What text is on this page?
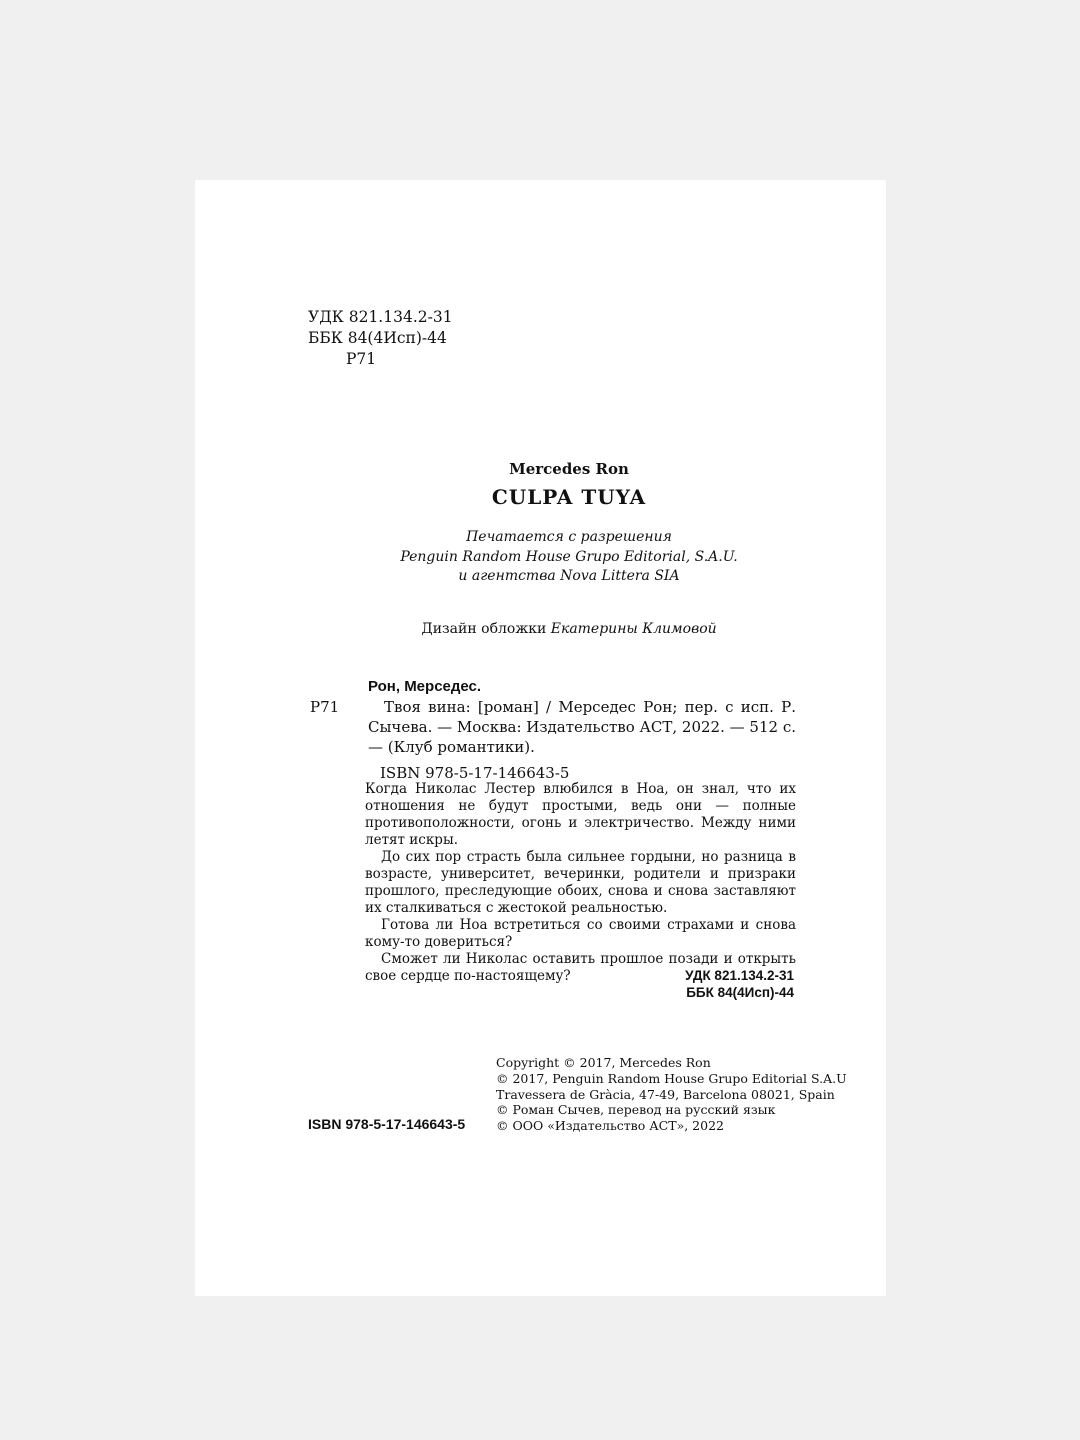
УДК 821.134.2-31
ББК 84(4Исп)-44
Р71
Mercedes Ron
CULPA TUYA
Печатается с разрешения
Penguin Random House Grupo Editorial, S.A.U.
и агентства Nova Littera SIA
Дизайн обложки Екатерины Климовой
Р71
Рон, Мерседес.
Твоя вина: [роман] / Мерседес Рон; пер. с исп. Р. Сычева. — Москва: Издательство АСТ, 2022. — 512 с. — (Клуб романтики).
ISBN 978-5-17-146643-5

Когда Николас Лестер влюбился в Ноа, он знал, что их отношения не будут простыми, ведь они — полные противоположности, огонь и электричество. Между ними летят искры.

До сих пор страсть была сильнее гордыни, но разница в возрасте, университет, вечеринки, родители и призраки прошлого, преследующие обоих, снова и снова заставляют их сталкиваться с жестокой реальностью.

Готова ли Ноа встретиться со своими страхами и снова кому-то довериться?

Сможет ли Николас оставить прошлое позади и открыть свое сердце по-настоящему?	УДК 821.134.2-31
ББК 84(4Исп)-44
ISBN 978-5-17-146643-5
Copyright © 2017, Mercedes Ron
© 2017, Penguin Random House Grupo Editorial S.A.U
Travessera de Gràcia, 47-49, Barcelona 08021, Spain
© Роман Сычев, перевод на русский язык
© ООО «Издательство АСТ», 2022
